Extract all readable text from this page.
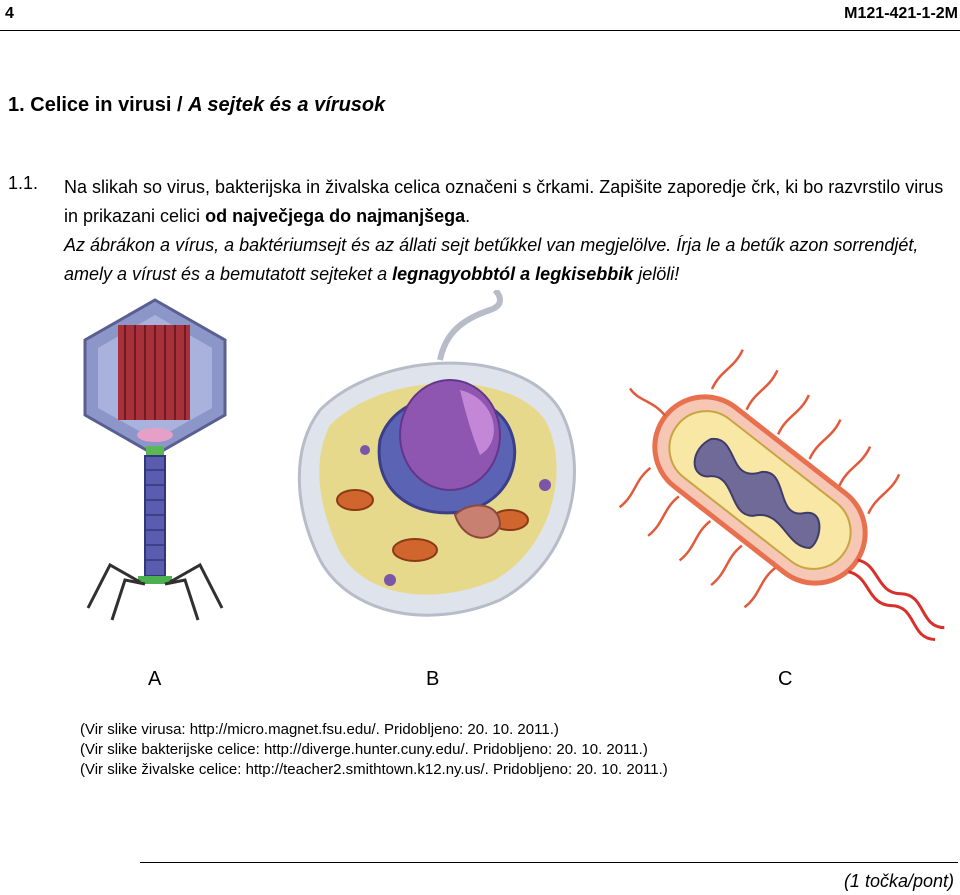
4	M121-421-1-2M
1. Celice in virusi / A sejtek és a vírusok
1.1. Na slikah so virus, bakterijska in živalska celica označeni s črkami. Zapišite zaporedje črk, ki bo razvrstilo virus in prikazani celici od največjega do najmanjšega.
Az ábrákon a vírus, a baktériumsejt és az állati sejt betűkkel van megjelölve. Írja le a betűk azon sorrendjét, amely a vírust és a bemutatott sejteket a legnagyobbtól a legkisebbik jelöli!
A	B	C
(Vir slike virusa: http://micro.magnet.fsu.edu/. Pridobljeno: 20. 10. 2011.)
(Vir slike bakterijske celice: http://diverge.hunter.cuny.edu/. Pridobljeno: 20. 10. 2011.)
(Vir slike živalske celice: http://teacher2.smithtown.k12.ny.us/. Pridobljeno: 20. 10. 2011.)
(1 točka/pont)
